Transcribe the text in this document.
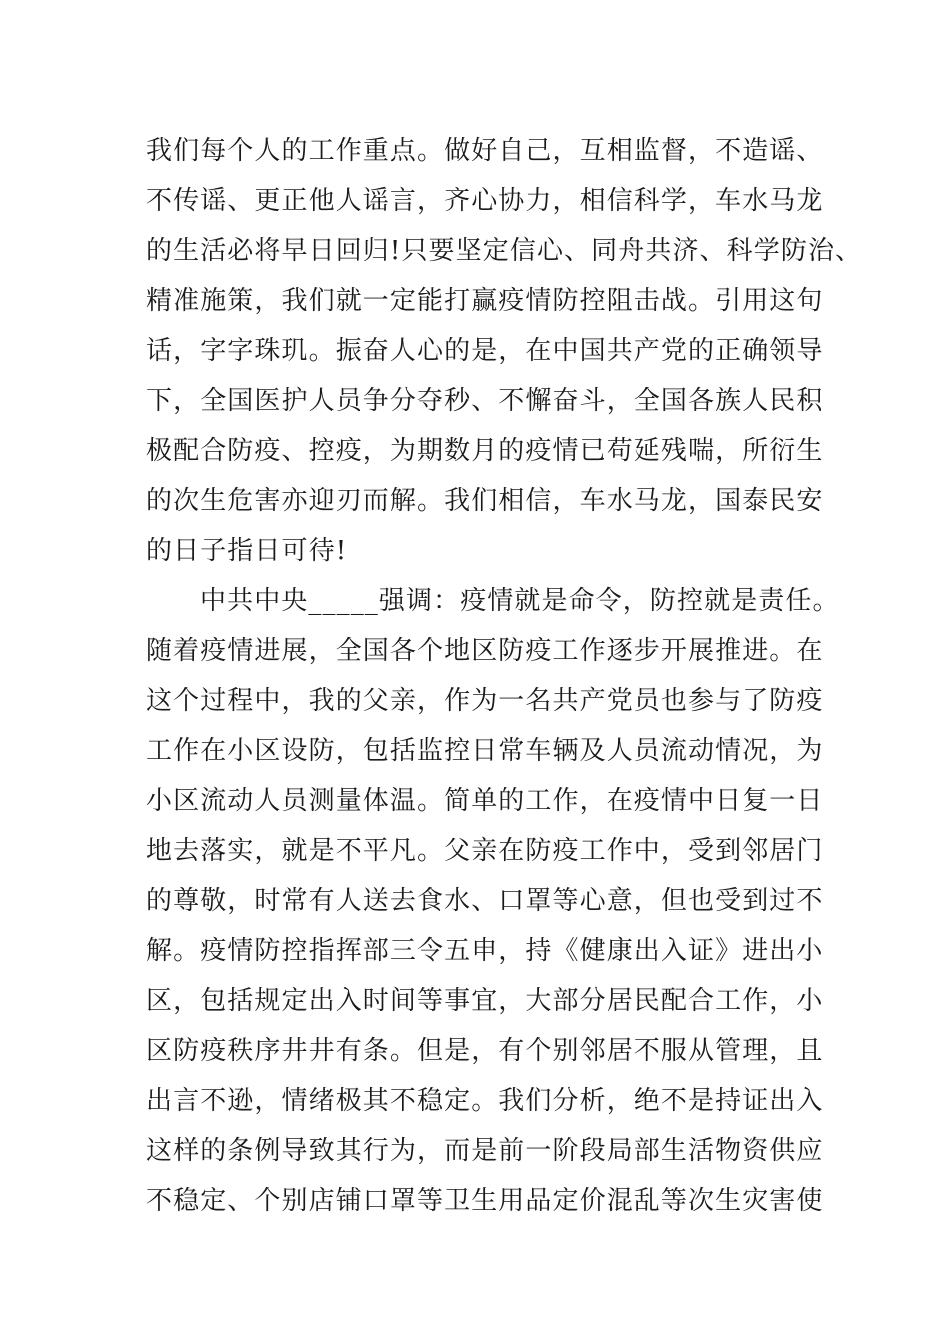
我们每个人的工作重点。做好自己，互相监督，不造谣、
不传谣、更正他人谣言，齐心协力，相信科学，车水马龙
的生活必将早日回归!只要坚定信心、同舟共济、科学防治、
精准施策，我们就一定能打赢疫情防控阻击战。引用这句
话，字字珠玑。振奋人心的是，在中国共产党的正确领导
下，全国医护人员争分夺秒、不懈奋斗，全国各族人民积
极配合防疫、控疫，为期数月的疫情已苟延残喘，所衍生
的次生危害亦迎刃而解。我们相信，车水马龙，国泰民安
的日子指日可待!
中共中央_____强调：疫情就是命令，防控就是责任。
随着疫情进展，全国各个地区防疫工作逐步开展推进。在
这个过程中，我的父亲，作为一名共产党员也参与了防疫
工作在小区设防，包括监控日常车辆及人员流动情况，为
小区流动人员测量体温。简单的工作，在疫情中日复一日
地去落实，就是不平凡。父亲在防疫工作中，受到邻居门
的尊敬，时常有人送去食水、口罩等心意，但也受到过不
解。疫情防控指挥部三令五申，持《健康出入证》进出小
区，包括规定出入时间等事宜，大部分居民配合工作，小
区防疫秩序井井有条。但是，有个别邻居不服从管理，且
出言不逊，情绪极其不稳定。我们分析，绝不是持证出入
这样的条例导致其行为，而是前一阶段局部生活物资供应
不稳定、个别店铺口罩等卫生用品定价混乱等次生灾害使
